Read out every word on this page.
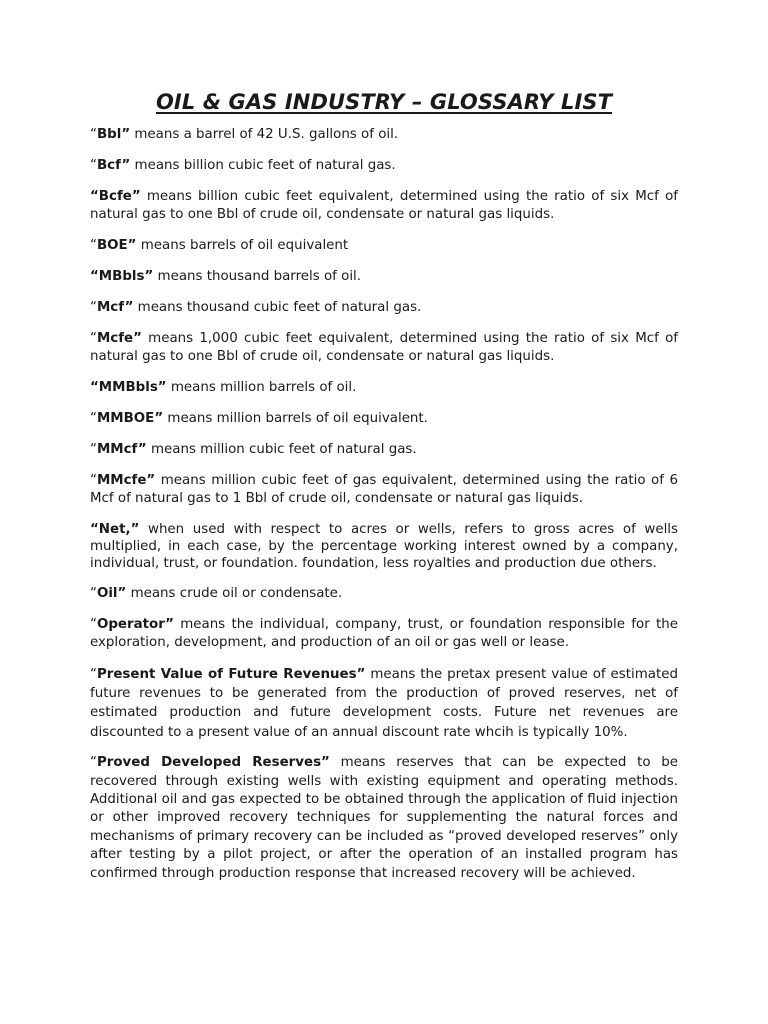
OIL & GAS INDUSTRY – GLOSSARY LIST

“Bbl” means a barrel of 42 U.S. gallons of oil.

“Bcf” means billion cubic feet of natural gas.

“Bcfe” means billion cubic feet equivalent, determined using the ratio of six Mcf of natural gas to one Bbl of crude oil, condensate or natural gas liquids.

“BOE” means barrels of oil equivalent

“MBbls” means thousand barrels of oil.

“Mcf” means thousand cubic feet of natural gas.

“Mcfe” means 1,000 cubic feet equivalent, determined using the ratio of six Mcf of natural gas to one Bbl of crude oil, condensate or natural gas liquids.

“MMBbls” means million barrels of oil.

“MMBOE” means million barrels of oil equivalent.

“MMcf” means million cubic feet of natural gas.

“MMcfe” means million cubic feet of gas equivalent, determined using the ratio of 6 Mcf of natural gas to 1 Bbl of crude oil, condensate or natural gas liquids.

“Net,” when used with respect to acres or wells, refers to gross acres of wells multiplied, in each case, by the percentage working interest owned by a company, individual, trust, or foundation. foundation, less royalties and production due others.

“Oil” means crude oil or condensate.

“Operator” means the individual, company, trust, or foundation responsible for the exploration, development, and production of an oil or gas well or lease.

“Present Value of Future Revenues” means the pretax present value of estimated future revenues to be generated from the production of proved reserves, net of estimated production and future development costs. Future net revenues are discounted to a present value of an annual discount rate whcih is typically 10%.

“Proved Developed Reserves” means reserves that can be expected to be recovered through existing wells with existing equipment and operating methods. Additional oil and gas expected to be obtained through the application of fluid injection or other improved recovery techniques for supplementing the natural forces and mechanisms of primary recovery can be included as “proved developed reserves” only after testing by a pilot project, or after the operation of an installed program has confirmed through production response that increased recovery will be achieved.
